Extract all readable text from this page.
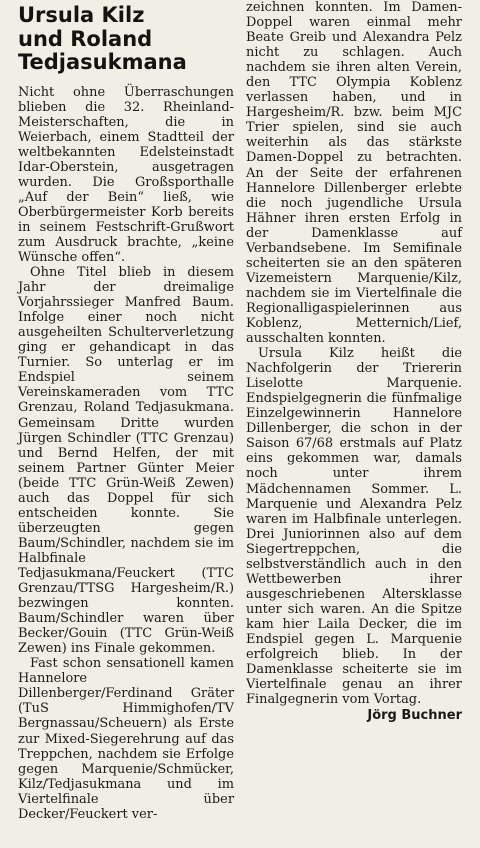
Ursula Kilz
und Roland
Tedjasukmana

Nicht ohne Überraschungen blieben die 32. Rheinland-Meisterschaften, die in Weierbach, einem Stadtteil der weltbekannten Edelsteinstadt Idar-Oberstein, ausgetragen wurden. Die Großsporthalle „Auf der Bein“ ließ, wie Oberbürgermeister Korb bereits in seinem Festschrift-Grußwort zum Ausdruck brachte, „keine Wünsche offen“.

Ohne Titel blieb in diesem Jahr der dreimalige Vorjahrssieger Manfred Baum. Infolge einer noch nicht ausgeheilten Schulterverletzung ging er gehandicapt in das Turnier. So unterlag er im Endspiel seinem Vereinskameraden vom TTC Grenzau, Roland Tedjasukmana. Gemeinsam Dritte wurden Jürgen Schindler (TTC Grenzau) und Bernd Helfen, der mit seinem Partner Günter Meier (beide TTC Grün-Weiß Zewen) auch das Doppel für sich entscheiden konnte. Sie überzeugten gegen Baum/Schindler, nachdem sie im Halbfinale Tedjasukmana/Feuckert (TTC Grenzau/TTSG Hargesheim/R.) bezwingen konnten. Baum/Schindler waren über Becker/Gouin (TTC Grün-Weiß Zewen) ins Finale gekommen.

Fast schon sensationell kamen Hannelore Dillenberger/Ferdinand Gräter (TuS Himmighofen/TV Bergnassau/Scheuern) als Erste zur Mixed-Siegerehrung auf das Treppchen, nachdem sie Erfolge gegen Marquenie/Schmücker, Kilz/Tedjasukmana und im Viertelfinale über Decker/Feuckert ver-

zeichnen konnten. Im Damen-Doppel waren einmal mehr Beate Greib und Alexandra Pelz nicht zu schlagen. Auch nachdem sie ihren alten Verein, den TTC Olympia Koblenz verlassen haben, und in Hargesheim/R. bzw. beim MJC Trier spielen, sind sie auch weiterhin als das stärkste Damen-Doppel zu betrachten. An der Seite der erfahrenen Hannelore Dillenberger erlebte die noch jugendliche Ursula Hähner ihren ersten Erfolg in der Damenklasse auf Verbandsebene. Im Semifinale scheiterten sie an den späteren Vizemeistern Marquenie/Kilz, nachdem sie im Viertelfinale die Regionalligaspielerinnen aus Koblenz, Metternich/Lief, ausschalten konnten.

Ursula Kilz heißt die Nachfolgerin der Triererin Liselotte Marquenie. Endspielgegnerin die fünfmalige Einzelgewinnerin Hannelore Dillenberger, die schon in der Saison 67/68 erstmals auf Platz eins gekommen war, damals noch unter ihrem Mädchennamen Sommer. L. Marquenie und Alexandra Pelz waren im Halbfinale unterlegen. Drei Juniorinnen also auf dem Siegertreppchen, die selbstverständlich auch in den Wettbewerben ihrer ausgeschriebenen Altersklasse unter sich waren. An die Spitze kam hier Laila Decker, die im Endspiel gegen L. Marquenie erfolgreich blieb. In der Damenklasse scheiterte sie im Viertelfinale genau an ihrer Finalgegnerin vom Vortag.

Jörg Buchner
